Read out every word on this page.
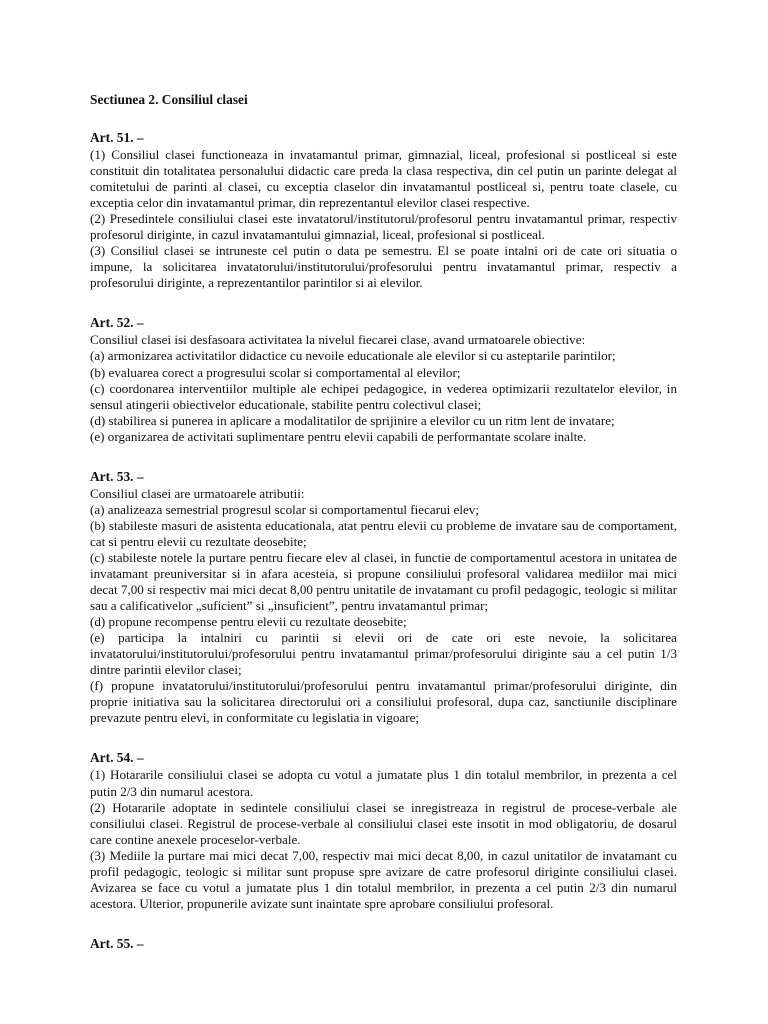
Sectiunea 2. Consiliul clasei
Art. 51. –

(1) Consiliul clasei functioneaza in invatamantul primar, gimnazial, liceal, profesional si postliceal si este constituit din totalitatea personalului didactic care preda la clasa respectiva, din cel putin un parinte delegat al comitetului de parinti al clasei, cu exceptia claselor din invatamantul postliceal si, pentru toate clasele, cu exceptia celor din invatamantul primar, din reprezentantul elevilor clasei respective.

(2) Presedintele consiliului clasei este invatatorul/institutorul/profesorul pentru invatamantul primar, respectiv profesorul diriginte, in cazul invatamantului gimnazial, liceal, profesional si postliceal.

(3) Consiliul clasei se intruneste cel putin o data pe semestru. El se poate intalni ori de cate ori situatia o impune, la solicitarea invatatorului/institutorului/profesorului pentru invatamantul primar, respectiv a profesorului diriginte, a reprezentantilor parintilor si ai elevilor.

Art. 52. –

Consiliul clasei isi desfasoara activitatea la nivelul fiecarei clase, avand urmatoarele obiective:

(a) armonizarea activitatilor didactice cu nevoile educationale ale elevilor si cu asteptarile parintilor;

(b) evaluarea corect a progresului scolar si comportamental al elevilor;

(c) coordonarea interventiilor multiple ale echipei pedagogice, in vederea optimizarii rezultatelor elevilor, in sensul atingerii obiectivelor educationale, stabilite pentru colectivul clasei;

(d) stabilirea si punerea in aplicare a modalitatilor de sprijinire a elevilor cu un ritm lent de invatare;

(e) organizarea de activitati suplimentare pentru elevii capabili de performantate scolare inalte.

Art. 53. –

Consiliul clasei are urmatoarele atributii:

(a) analizeaza semestrial progresul scolar si comportamentul fiecarui elev;

(b) stabileste masuri de asistenta educationala, atat pentru elevii cu probleme de invatare sau de comportament, cat si pentru elevii cu rezultate deosebite;

(c) stabileste notele la purtare pentru fiecare elev al clasei, in functie de comportamentul acestora in unitatea de invatamant preuniversitar si in afara acesteia, si propune consiliului profesoral validarea mediilor mai mici decat 7,00 si respectiv mai mici decat 8,00 pentru unitatile de invatamant cu profil pedagogic, teologic si militar sau a calificativelor „suficient” si „insuficient”, pentru invatamantul primar;

(d) propune recompense pentru elevii cu rezultate deosebite;

(e) participa la intalniri cu parintii si elevii ori de cate ori este nevoie, la solicitarea invatatorului/institutorului/profesorului pentru invatamantul primar/profesorului diriginte sau a cel putin 1/3 dintre parintii elevilor clasei;

(f) propune invatatorului/institutorului/profesorului pentru invatamantul primar/profesorului diriginte, din proprie initiativa sau la solicitarea directorului ori a consiliului profesoral, dupa caz, sanctiunile disciplinare prevazute pentru elevi, in conformitate cu legislatia in vigoare;

Art. 54. –

(1) Hotararile consiliului clasei se adopta cu votul a jumatate plus 1 din totalul membrilor, in prezenta a cel putin 2/3 din numarul acestora.

(2) Hotararile adoptate in sedintele consiliului clasei se inregistreaza in registrul de procese-verbale ale consiliului clasei. Registrul de procese-verbale al consiliului clasei este insotit in mod obligatoriu, de dosarul care contine anexele proceselor-verbale.

(3) Mediile la purtare mai mici decat 7,00, respectiv mai mici decat 8,00, in cazul unitatilor de invatamant cu profil pedagogic, teologic si militar sunt propuse spre avizare de catre profesorul diriginte consiliului clasei. Avizarea se face cu votul a jumatate plus 1 din totalul membrilor, in prezenta a cel putin 2/3 din numarul acestora. Ulterior, propunerile avizate sunt inaintate spre aprobare consiliului profesoral.

Art. 55. –
